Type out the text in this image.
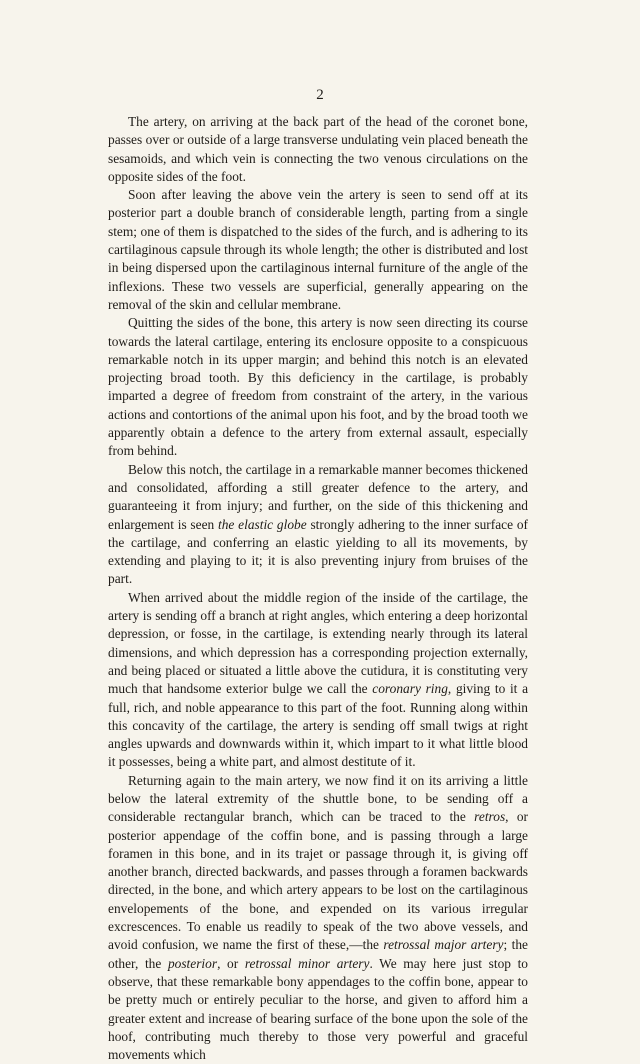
2

The artery, on arriving at the back part of the head of the coronet bone, passes over or outside of a large transverse undulating vein placed beneath the sesamoids, and which vein is connecting the two venous circulations on the opposite sides of the foot.

Soon after leaving the above vein the artery is seen to send off at its posterior part a double branch of considerable length, parting from a single stem; one of them is dispatched to the sides of the furch, and is adhering to its cartilaginous capsule through its whole length; the other is distributed and lost in being dispersed upon the cartilaginous internal furniture of the angle of the inflexions. These two vessels are superficial, generally appearing on the removal of the skin and cellular membrane.

Quitting the sides of the bone, this artery is now seen directing its course towards the lateral cartilage, entering its enclosure opposite to a conspicuous remarkable notch in its upper margin; and behind this notch is an elevated projecting broad tooth. By this deficiency in the cartilage, is probably imparted a degree of freedom from constraint of the artery, in the various actions and contortions of the animal upon his foot, and by the broad tooth we apparently obtain a defence to the artery from external assault, especially from behind.

Below this notch, the cartilage in a remarkable manner becomes thickened and consolidated, affording a still greater defence to the artery, and guaranteeing it from injury; and further, on the side of this thickening and enlargement is seen the elastic globe strongly adhering to the inner surface of the cartilage, and conferring an elastic yielding to all its movements, by extending and playing to it; it is also preventing injury from bruises of the part.

When arrived about the middle region of the inside of the cartilage, the artery is sending off a branch at right angles, which entering a deep horizontal depression, or fosse, in the cartilage, is extending nearly through its lateral dimensions, and which depression has a corresponding projection externally, and being placed or situated a little above the cutidura, it is constituting very much that handsome exterior bulge we call the coronary ring, giving to it a full, rich, and noble appearance to this part of the foot. Running along within this concavity of the cartilage, the artery is sending off small twigs at right angles upwards and downwards within it, which impart to it what little blood it possesses, being a white part, and almost destitute of it.

Returning again to the main artery, we now find it on its arriving a little below the lateral extremity of the shuttle bone, to be sending off a considerable rectangular branch, which can be traced to the retros, or posterior appendage of the coffin bone, and is passing through a large foramen in this bone, and in its trajet or passage through it, is giving off another branch, directed backwards, and passes through a foramen backwards directed, in the bone, and which artery appears to be lost on the cartilaginous envelopements of the bone, and expended on its various irregular excrescences. To enable us readily to speak of the two above vessels, and avoid confusion, we name the first of these,—the retrossal major artery; the other, the posterior, or retrossal minor artery. We may here just stop to observe, that these remarkable bony appendages to the coffin bone, appear to be pretty much or entirely peculiar to the horse, and given to afford him a greater extent and increase of bearing surface of the bone upon the sole of the hoof, contributing much thereby to those very powerful and graceful movements which
